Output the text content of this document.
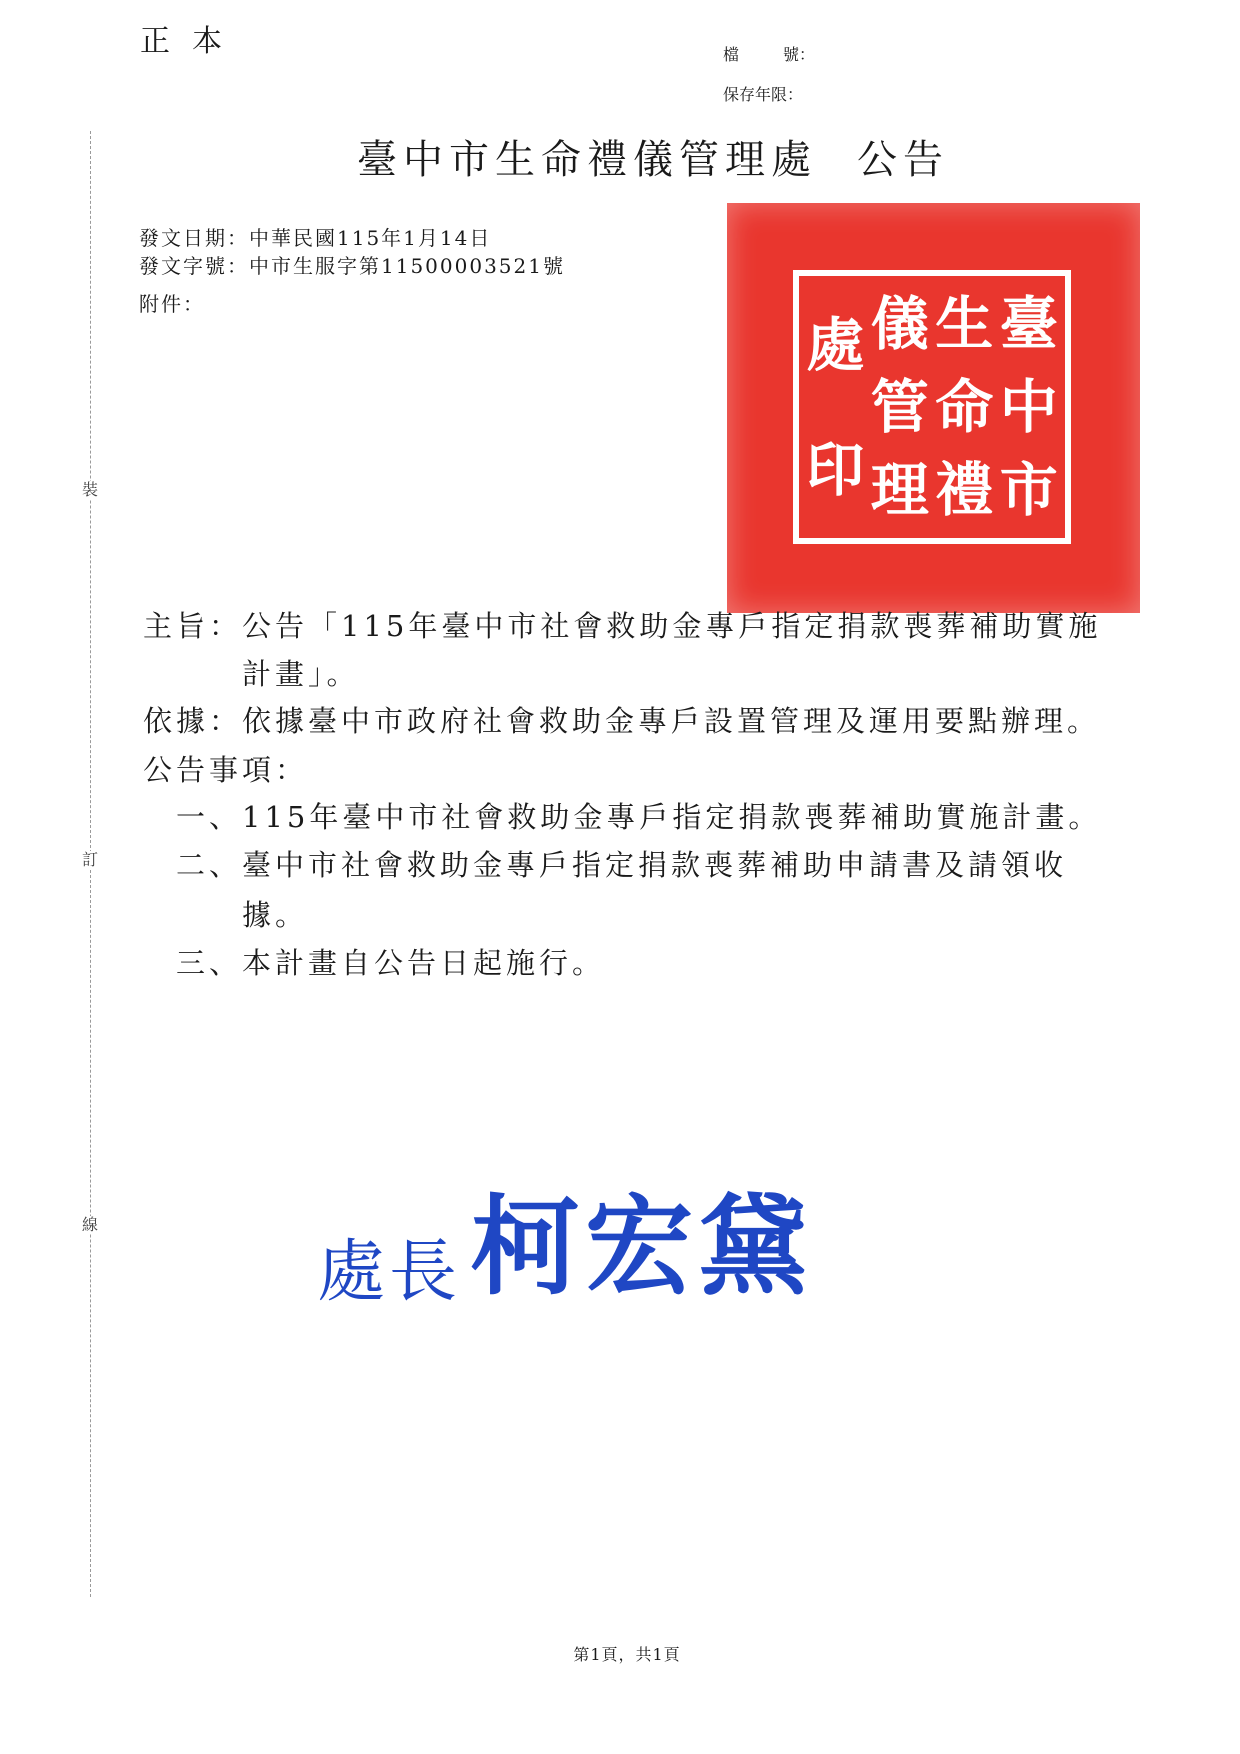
正本	檔	號：
保存年限：
臺中市生命禮儀管理處 公告
發文日期：中華民國115年1月14日
發文字號：中市生服字第11500003521號
附件：
裝
訂
線
臺
中
市
生
命
禮
儀
管
理
處
印
主旨：公告「115年臺中市社會救助金專戶指定捐款喪葬補助實施
計畫」。
依據：依據臺中市政府社會救助金專戶設置管理及運用要點辦理。
公告事項：
一、115年臺中市社會救助金專戶指定捐款喪葬補助實施計畫。
二、臺中市社會救助金專戶指定捐款喪葬補助申請書及請領收
據。
三、本計畫自公告日起施行。
處長柯宏黛
第1頁，共1頁
